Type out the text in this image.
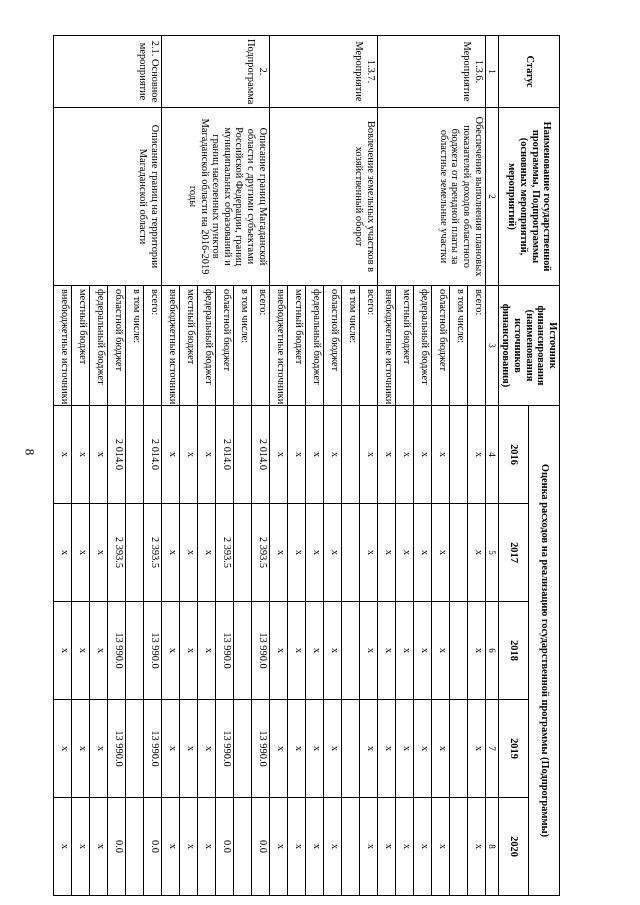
8
Статус	Наименование государственной программы, Подпрограммы (основных мероприятий, мероприятий)	Источник финансирования (наименования источников финансирования)	Оценка расходов на реализацию государственной программы (Подпрограммы)				
			2016	2017	2018	2019	2020
1	2	3	4	5	6	7	8
1.3.6. Мероприятие	Обеспечение выполнения плановых показателей доходов областного бюджета от арендной платы за областные земельные участки	всего:	x	x	x	x	x
		в том числе:					
		областной бюджет	x	x	x	x	x
		федеральный бюджет	x	x	x	x	x
		местный бюджет	x	x	x	x	x
		внебюджетные источники	x	x	x	x	x
1.3.7. Мероприятие	Вовлечение земельных участков в хозяйственный оборот	всего:	x	x	x	x	x
		в том числе:					
		областной бюджет	x	x	x	x	x
		федеральный бюджет	x	x	x	x	x
		местный бюджет	x	x	x	x	x
		внебюджетные источники	x	x	x	x	x
2. Подпрограмма	Описание границ Магаданской области с другими субъектами Российской Федерации, границ муниципальных образований и границ населенных пунктов Магаданской области на 2016-2019 годы	всего:	2 014.0	2 393.5	13 990.0	13 990.0	0.0
		в том числе:					
		областной бюджет	2 014.0	2 393.5	13 990.0	13 990.0	0.0
		федеральный бюджет	x	x	x	x	x
		местный бюджет	x	x	x	x	x
		внебюджетные источники	x	x	x	x	x
2.1. Основное мероприятие	Описание границ на территории Магаданской области	всего:	2 014.0	2 393.5	13 990.0	13 990.0	0.0
		в том числе:					
		областной бюджет	2 014.0	2 393.5	13 990.0	13 990.0	0.0
		федеральный бюджет	x	x	x	x	x
		местный бюджет	x	x	x	x	x
		внебюджетные источники	x	x	x	x	x
